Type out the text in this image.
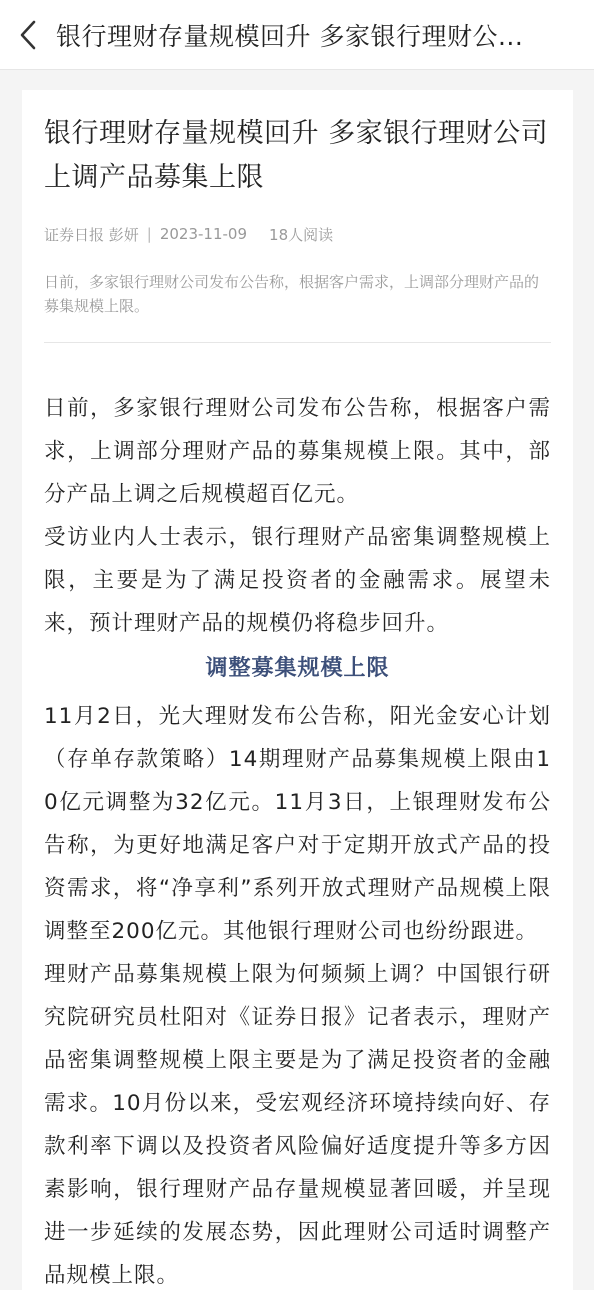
银行理财存量规模回升 多家银行理财公...
银行理财存量规模回升 多家银行理财公司上调产品募集上限
证券日报 彭妍 | 2023-11-09 18人阅读
日前，多家银行理财公司发布公告称，根据客户需求，上调部分理财产品的募集规模上限。

日前，多家银行理财公司发布公告称，根据客户需求，上调部分理财产品的募集规模上限。其中，部分产品上调之后规模超百亿元。

受访业内人士表示，银行理财产品密集调整规模上限，主要是为了满足投资者的金融需求。展望未来，预计理财产品的规模仍将稳步回升。

调整募集规模上限

11月2日，光大理财发布公告称，阳光金安心计划（存单存款策略）14期理财产品募集规模上限由10亿元调整为32亿元。11月3日，上银理财发布公告称，为更好地满足客户对于定期开放式产品的投资需求，将“净享利”系列开放式理财产品规模上限调整至200亿元。其他银行理财公司也纷纷跟进。

理财产品募集规模上限为何频频上调？中国银行研究院研究员杜阳对《证券日报》记者表示，理财产品密集调整规模上限主要是为了满足投资者的金融需求。10月份以来，受宏观经济环境持续向好、存款利率下调以及投资者风险偏好适度提升等多方因素影响，银行理财产品存量规模显著回暖，并呈现进一步延续的发展态势，因此理财公司适时调整产品规模上限。
